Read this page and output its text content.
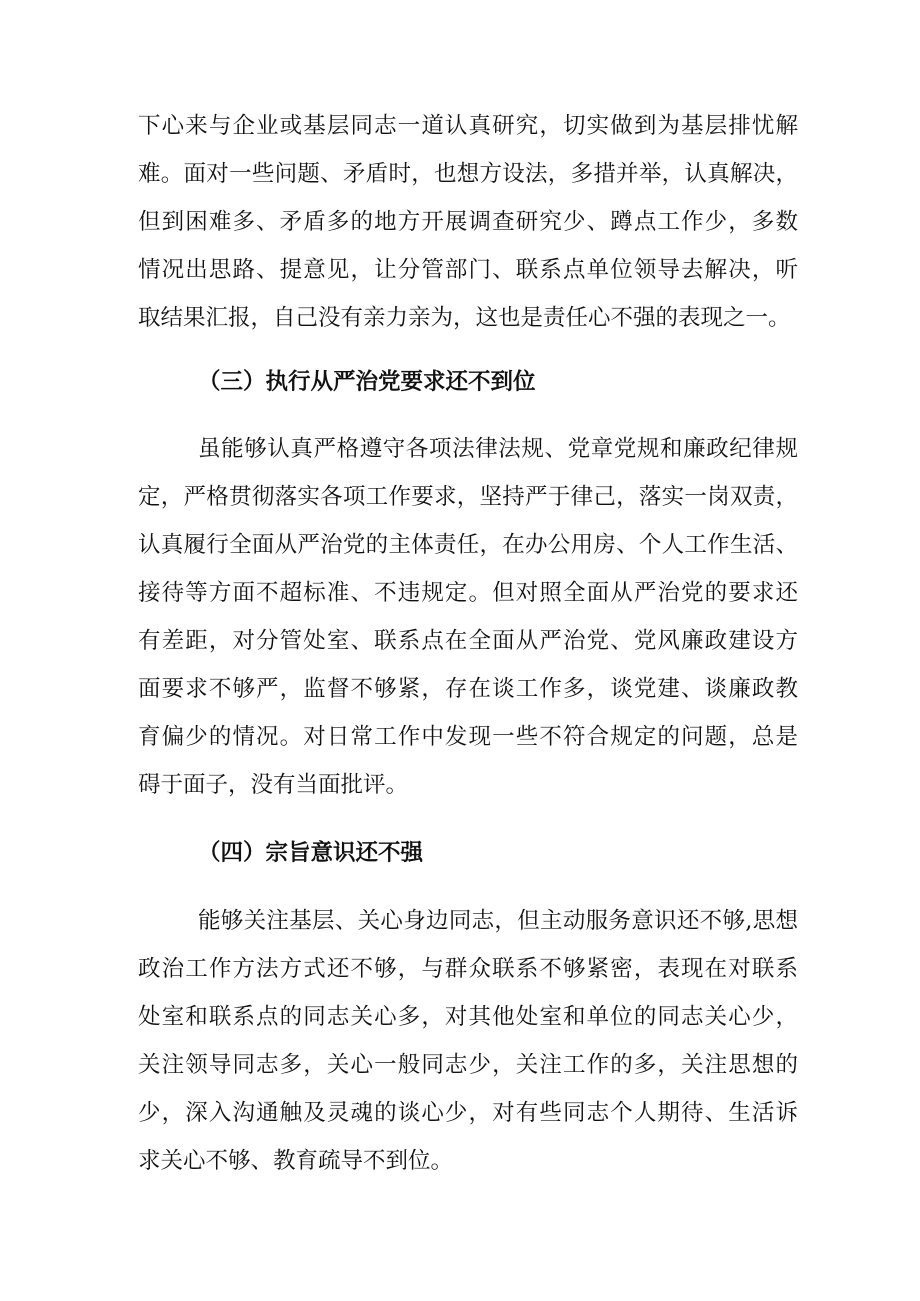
下心来与企业或基层同志一道认真研究，切实做到为基层排忧解
难。面对一些问题、矛盾时，也想方设法，多措并举，认真解决，
但到困难多、矛盾多的地方开展调查研究少、蹲点工作少，多数
情况出思路、提意见，让分管部门、联系点单位领导去解决，听
取结果汇报，自己没有亲力亲为，这也是责任心不强的表现之一。
（三）执行从严治党要求还不到位
虽能够认真严格遵守各项法律法规、党章党规和廉政纪律规
定，严格贯彻落实各项工作要求，坚持严于律己，落实一岗双责，
认真履行全面从严治党的主体责任，在办公用房、个人工作生活、
接待等方面不超标准、不违规定。但对照全面从严治党的要求还
有差距，对分管处室、联系点在全面从严治党、党风廉政建设方
面要求不够严，监督不够紧，存在谈工作多，谈党建、谈廉政教
育偏少的情况。对日常工作中发现一些不符合规定的问题，总是
碍于面子，没有当面批评。
（四）宗旨意识还不强
能够关注基层、关心身边同志，但主动服务意识还不够,思想
政治工作方法方式还不够，与群众联系不够紧密，表现在对联系
处室和联系点的同志关心多，对其他处室和单位的同志关心少，
关注领导同志多，关心一般同志少，关注工作的多，关注思想的
少，深入沟通触及灵魂的谈心少，对有些同志个人期待、生活诉
求关心不够、教育疏导不到位。
